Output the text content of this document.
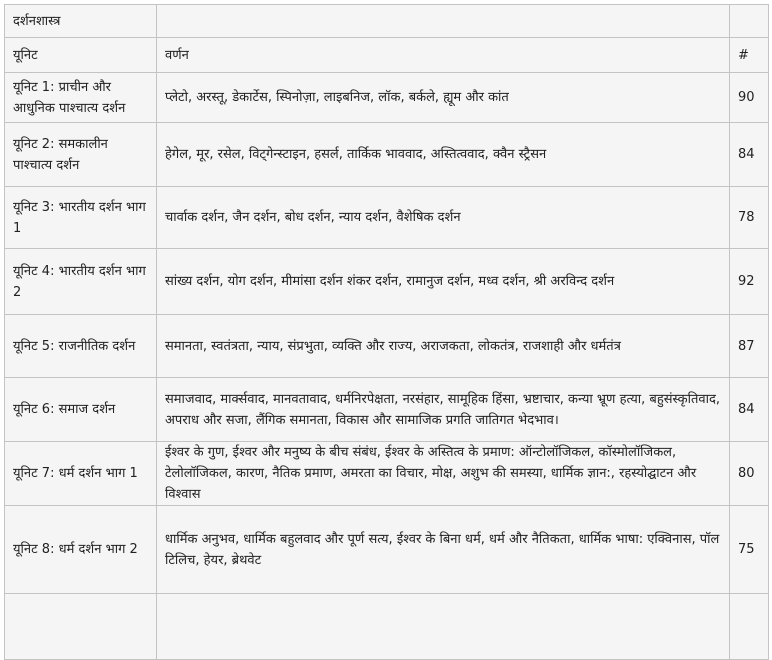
दर्शनशास्त्र		
यूनिट	वर्णन	#
यूनिट 1: प्राचीन और आधुनिक पाश्चात्य दर्शन	प्लेटो, अरस्तू, डेकार्टेस, स्पिनोज़ा, लाइबनिज, लॉक, बर्कले, ह्यूम और कांत	90
यूनिट 2: समकालीन पाश्चात्य दर्शन	हेगेल, मूर, रसेल, विट्गेन्स्टाइन, हसर्ल, तार्किक भाववाद, अस्तित्ववाद, क्वैन स्ट्रैसन	84
यूनिट 3: भारतीय दर्शन भाग 1	चार्वाक दर्शन, जैन दर्शन, बोध दर्शन, न्याय दर्शन, वैशेषिक दर्शन	78
यूनिट 4: भारतीय दर्शन भाग 2	सांख्य दर्शन, योग दर्शन, मीमांसा दर्शन शंकर दर्शन, रामानुज दर्शन, मध्व दर्शन, श्री अरविन्द दर्शन	92
यूनिट 5: राजनीतिक दर्शन	समानता, स्वतंत्रता, न्याय, संप्रभुता, व्यक्ति और राज्य, अराजकता, लोकतंत्र, राजशाही और धर्मतंत्र	87
यूनिट 6: समाज दर्शन	समाजवाद, मार्क्सवाद, मानवतावाद, धर्मनिरपेक्षता, नरसंहार, सामूहिक हिंसा, भ्रष्टाचार, कन्या भ्रूण हत्या, बहुसंस्कृतिवाद, अपराध और सजा, लैंगिक समानता, विकास और सामाजिक प्रगति जातिगत भेदभाव।	84
यूनिट 7: धर्म दर्शन भाग 1	ईश्वर के गुण, ईश्वर और मनुष्य के बीच संबंध, ईश्वर के अस्तित्व के प्रमाण: ऑन्टोलॉजिकल, कॉस्मोलॉजिकल, टेलोलॉजिकल, कारण, नैतिक प्रमाण, अमरता का विचार, मोक्ष, अशुभ की समस्या, धार्मिक ज्ञान:, रहस्योद्घाटन और विश्वास	80
यूनिट 8: धर्म दर्शन भाग 2	धार्मिक अनुभव, धार्मिक बहुलवाद और पूर्ण सत्य, ईश्वर के बिना धर्म, धर्म और नैतिकता, धार्मिक भाषा: एक्विनास, पॉल टिलिच, हेयर, ब्रेथवेट	75
